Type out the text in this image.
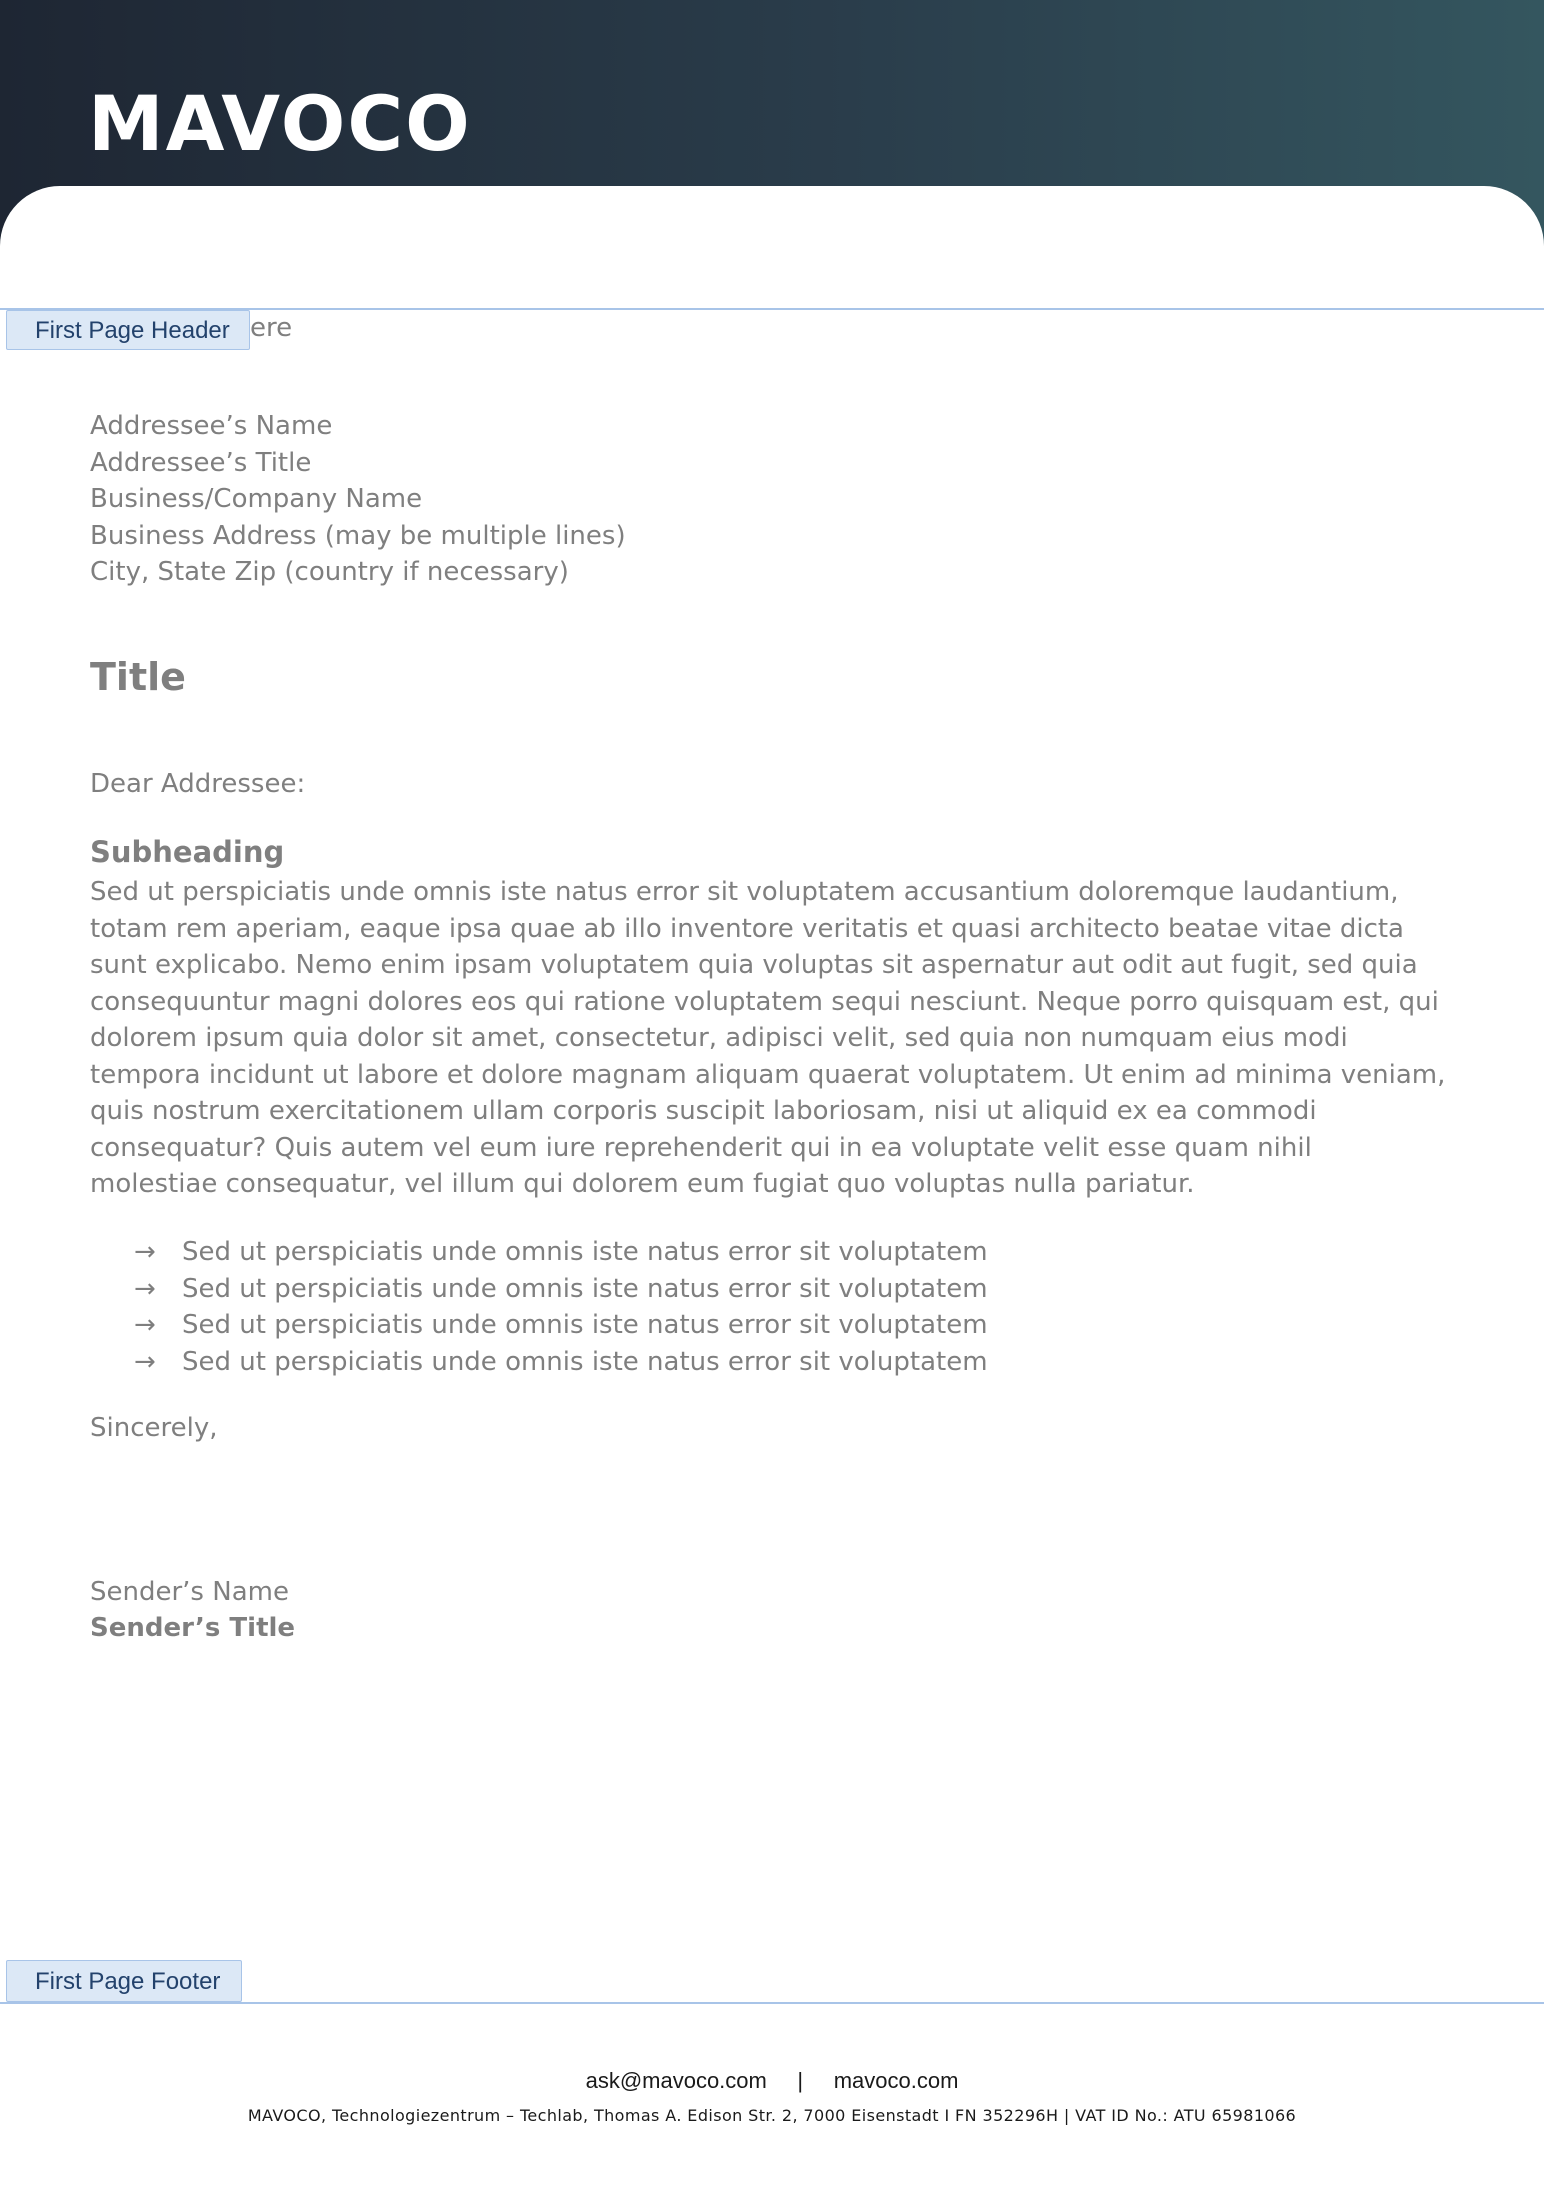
MAVOCO
First Page Header ere
Addressee’s Name
Addressee’s Title
Business/Company Name
Business Address (may be multiple lines)
City, State Zip (country if necessary)
Title
Dear Addressee:
Subheading
Sed ut perspiciatis unde omnis iste natus error sit voluptatem accusantium doloremque laudantium,
totam rem aperiam, eaque ipsa quae ab illo inventore veritatis et quasi architecto beatae vitae dicta
sunt explicabo. Nemo enim ipsam voluptatem quia voluptas sit aspernatur aut odit aut fugit, sed quia
consequuntur magni dolores eos qui ratione voluptatem sequi nesciunt. Neque porro quisquam est, qui
dolorem ipsum quia dolor sit amet, consectetur, adipisci velit, sed quia non numquam eius modi
tempora incidunt ut labore et dolore magnam aliquam quaerat voluptatem. Ut enim ad minima veniam,
quis nostrum exercitationem ullam corporis suscipit laboriosam, nisi ut aliquid ex ea commodi
consequatur? Quis autem vel eum iure reprehenderit qui in ea voluptate velit esse quam nihil
molestiae consequatur, vel illum qui dolorem eum fugiat quo voluptas nulla pariatur.
→	Sed ut perspiciatis unde omnis iste natus error sit voluptatem
→	Sed ut perspiciatis unde omnis iste natus error sit voluptatem
→	Sed ut perspiciatis unde omnis iste natus error sit voluptatem
→	Sed ut perspiciatis unde omnis iste natus error sit voluptatem
Sincerely,
Sender’s Name
Sender’s Title
First Page Footer
ask@mavoco.com | mavoco.com
MAVOCO, Technologiezentrum – Techlab, Thomas A. Edison Str. 2, 7000 Eisenstadt I FN 352296H | VAT ID No.: ATU 65981066
